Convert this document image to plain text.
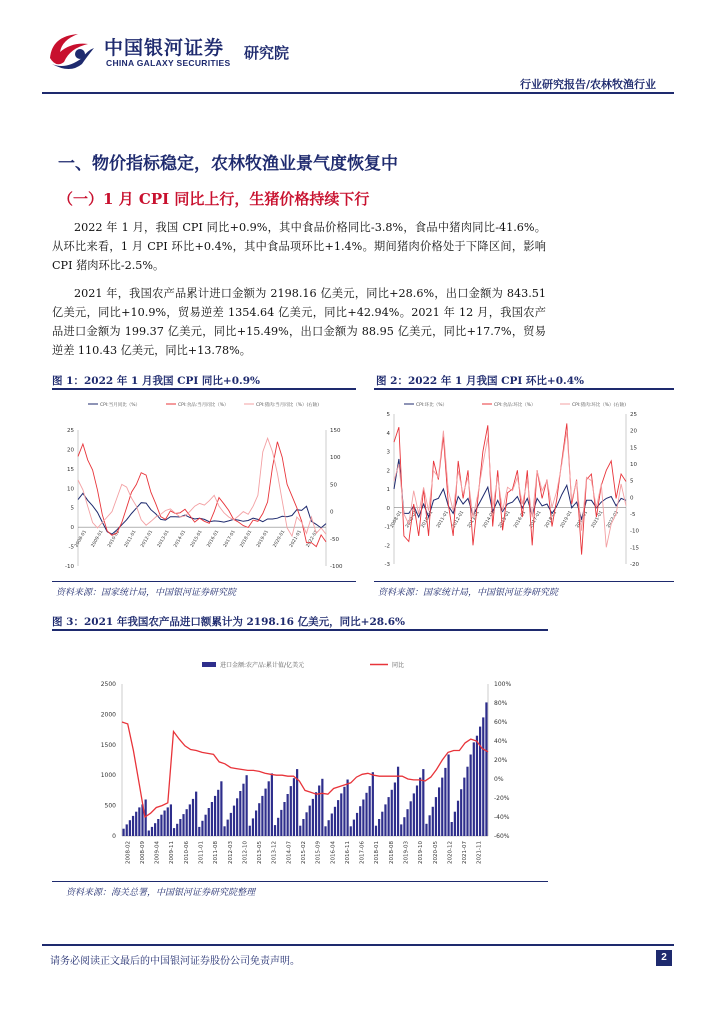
中国银河证券
CHINA GALAXY SECURITIES
研究院
行业研究报告/农林牧渔行业
一、物价指标稳定，农林牧渔业景气度恢复中
（一）1 月 CPI 同比上行，生猪价格持续下行
2022 年 1 月，我国 CPI 同比+0.9%，其中食品价格同比-3.8%，食品中猪肉同比-41.6%。从环比来看，1 月 CPI 环比+0.4%，其中食品项环比+1.4%。期间猪肉价格处于下降区间，影响 CPI 猪肉环比-2.5%。
2021 年，我国农产品累计进口金额为 2198.16 亿美元，同比+28.6%，出口金额为 843.51 亿美元，同比+10.9%，贸易逆差 1354.64 亿美元，同比+42.94%。2021 年 12 月，我国农产品进口金额为 199.37 亿美元，同比+15.49%，出口金额为 88.95 亿美元，同比+17.7%，贸易逆差 110.43 亿美元，同比+13.78%。
图 1：2022 年 1 月我国 CPI 同比+0.9%
CPI:当月同比（%）	CPI:食品:当月同比（%）	CPI:猪肉:当月同比（%）(右轴)
25
20
15
10
5
0
-5
-10
150
100
50
0
-50
-100
2008-01 2009-01 2010-01 2011-01 2012-01 2013-01 2014-01 2015-01 2016-01 2017-01 2018-01 2019-01 2020-01 2021-01 2022-01
资料来源：国家统计局，中国银河证券研究院
图 2：2022 年 1 月我国 CPI 环比+0.4%
CPI:环比（%）	CPI:食品:环比（%）	CPI:猪肉:环比（%）(右轴)
5
4
3
2
1
0
-1
-2
-3
25
20
15
10
5
0
-5
-10
-15
-20
2008-01 2009-01 2010-01 2011-01 2012-01 2013-01 2014-01 2015-01 2016-01 2017-01 2018-01 2019-01 2020-01 2021-01 2022-01
资料来源：国家统计局，中国银河证券研究院
图 3：2021 年我国农产品进口额累计为 2198.16 亿美元，同比+28.6%
进口金额:农产品:累计值/亿美元	同比
2500
2000
1500
1000
500
0
100%
80%
60%
40%
20%
0%
-20%
-40%
-60%
2008-02 2008-09 2009-04 2009-11 2010-06 2011-01 2011-08 2012-03 2012-10 2013-05 2013-12 2014-07 2015-02 2015-09 2016-04 2016-11 2017-06 2018-01 2018-08 2019-03 2019-10 2020-05 2020-12 2021-07 2021-11
资料来源：海关总署，中国银河证券研究院整理
请务必阅读正文最后的中国银河证券股份公司免责声明。	2
